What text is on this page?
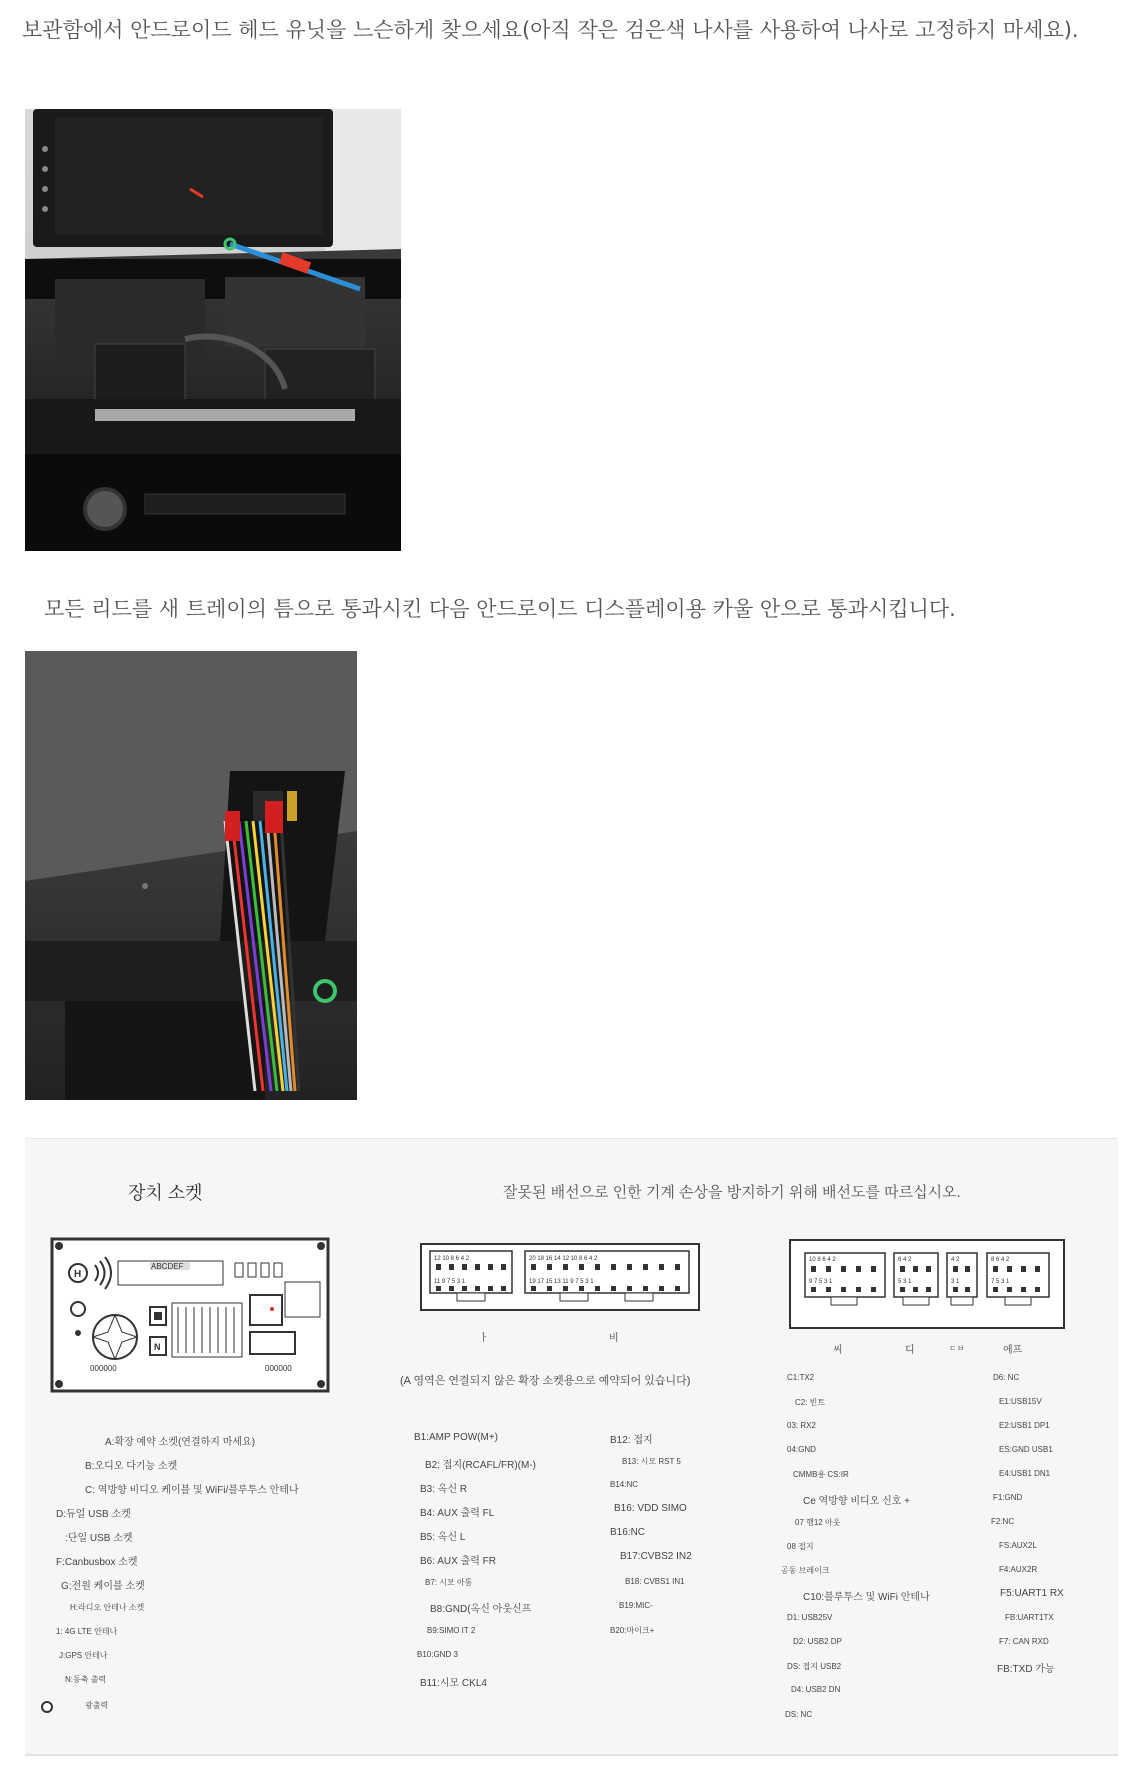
보관함에서 안드로이드 헤드 유닛을 느슨하게 찾으세요(아직 작은 검은색 나사를 사용하여 나사로 고정하지 마세요).
모든 리드를 새 트레이의 틈으로 통과시킨 다음 안드로이드 디스플레이용 카울 안으로 통과시킵니다.
장치 소켓	잘못된 배선으로 인한 기계 손상을 방지하기 위해 배선도를 따르십시오.
H
ABCDEF
N
000000	000000
12 10 8 6 4 2
11 9 7 5 3 1
20 18 16 14 12 10 8 6 4 2
19 17 15 13 11 9 7 5 3 1
10 8 6 4 2
9 7 5 3 1
6 4 2
5 3 1
4 2
3 1
8 6 4 2
7 5 3 1
ㅏ	비
씨	디	ㄷㅂ	에프
(A 영역은 연결되지 않은 확장 소켓용으로 예약되어 있습니다)
A:확장 예약 소켓(연결하지 마세요)
B:오디오 다기능 소켓
C: 역방향 비디오 케이블 및 WiFi/블루투스 안테나
D:듀얼 USB 소켓
:단일 USB 소켓
F:Canbusbox 소켓
G:전원 케이블 소켓
H:라디오 안테나 소켓
1: 4G LTE 안테나
J:GPS 안테나
N:동축 출력
광출력
B1:AMP POW(M+)
B2: 접지(RCAFL/FR)(M-)
B3: 옥신 R
B4: AUX 출력 FL
B5: 옥신 L
B6: AUX 출력 FR
B7: 시모 아톰
B8:GND(옥신 아웃신프
B9:SIMO IT 2
B10:GND 3
B11:시모 CKL4
B12: 접지
B13: 시모 RST 5
B14:NC
B16: VDD SIMO
B16:NC
B17:CVBS2 IN2
B18: CVBS1 IN1
B19:MIC-
B20:마이크+
C1:TX2
C2: 빈트
03: RX2
04:GND
CMMB용 CS:IR
Ce 역방향 비디오 신호 +
07 햄12 아웃
08 접지
공동 브레이크
C10:블루투스 및 WiFi 안테나
D1: USB25V
D2: USB2 DP
DS: 접지 USB2
D4: USB2 DN
DS: NC
D6: NC
E1:USB15V
E2:USB1 DP1
ES:GND USB1
E4:USB1 DN1
F1:GND
F2:NC
FS:AUX2L
F4:AUX2R
F5:UART1 RX
FB:UART1TX
F7: CAN RXD
FB:TXD 가능
